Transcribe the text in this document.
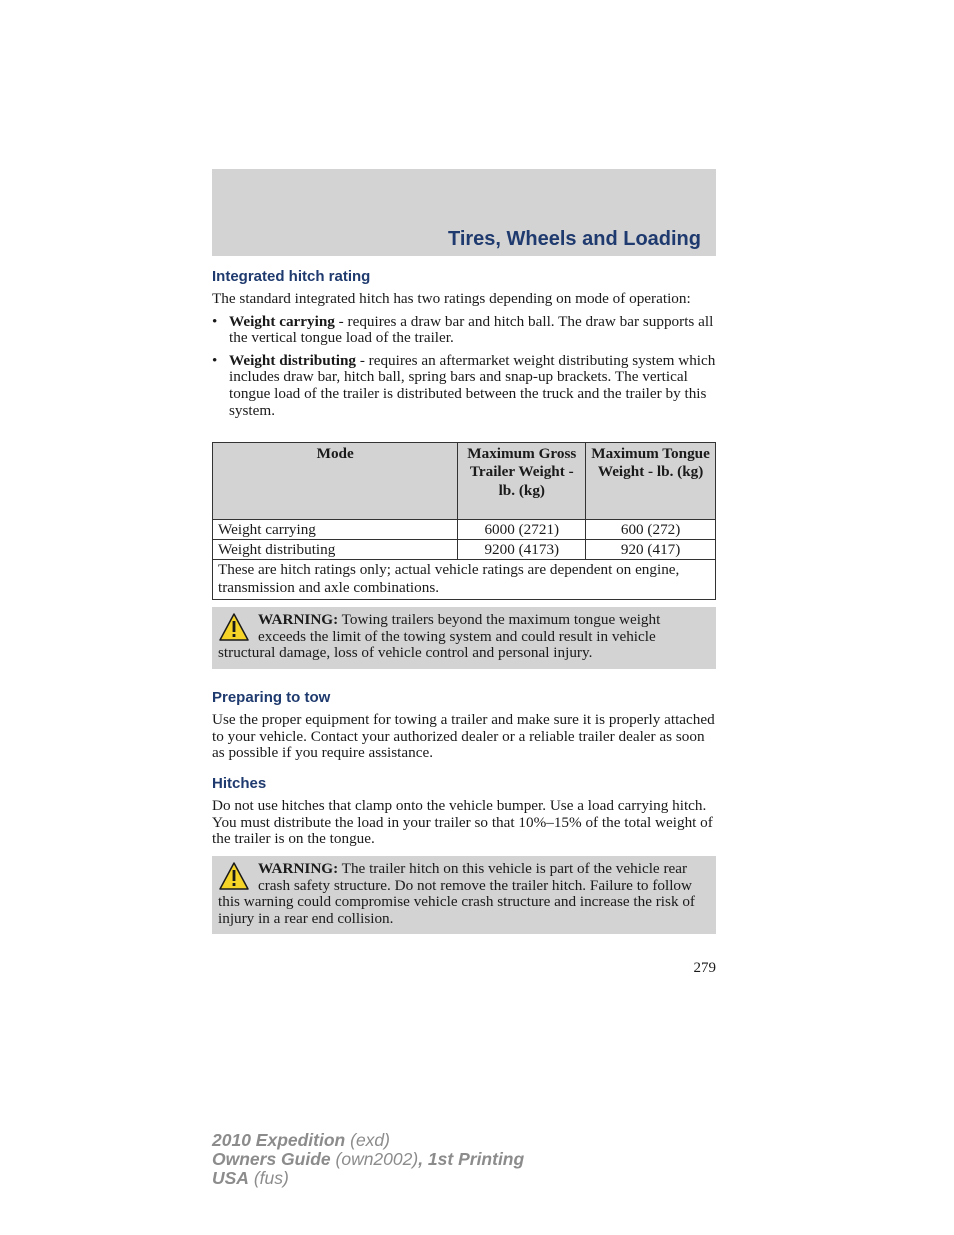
Tires, Wheels and Loading
Integrated hitch rating

The standard integrated hitch has two ratings depending on mode of operation:

• Weight carrying - requires a draw bar and hitch ball. The draw bar supports all the vertical tongue load of the trailer.

• Weight distributing - requires an aftermarket weight distributing system which includes draw bar, hitch ball, spring bars and snap-up brackets. The vertical tongue load of the trailer is distributed between the truck and the trailer by this system.

Mode	Maximum Gross Trailer Weight - lb. (kg)	Maximum Tongue Weight - lb. (kg)
Weight carrying	6000 (2721)	600 (272)
Weight distributing	9200 (4173)	920 (417)
These are hitch ratings only; actual vehicle ratings are dependent on engine, transmission and axle combinations.		
WARNING: Towing trailers beyond the maximum tongue weight exceeds the limit of the towing system and could result in vehicle structural damage, loss of vehicle control and personal injury.
Preparing to tow

Use the proper equipment for towing a trailer and make sure it is properly attached to your vehicle. Contact your authorized dealer or a reliable trailer dealer as soon as possible if you require assistance.

Hitches

Do not use hitches that clamp onto the vehicle bumper. Use a load carrying hitch. You must distribute the load in your trailer so that 10%–15% of the total weight of the trailer is on the tongue.

WARNING: The trailer hitch on this vehicle is part of the vehicle rear crash safety structure. Do not remove the trailer hitch. Failure to follow this warning could compromise vehicle crash structure and increase the risk of injury in a rear end collision.
279
2010 Expedition (exd)
Owners Guide (own2002), 1st Printing
USA (fus)
